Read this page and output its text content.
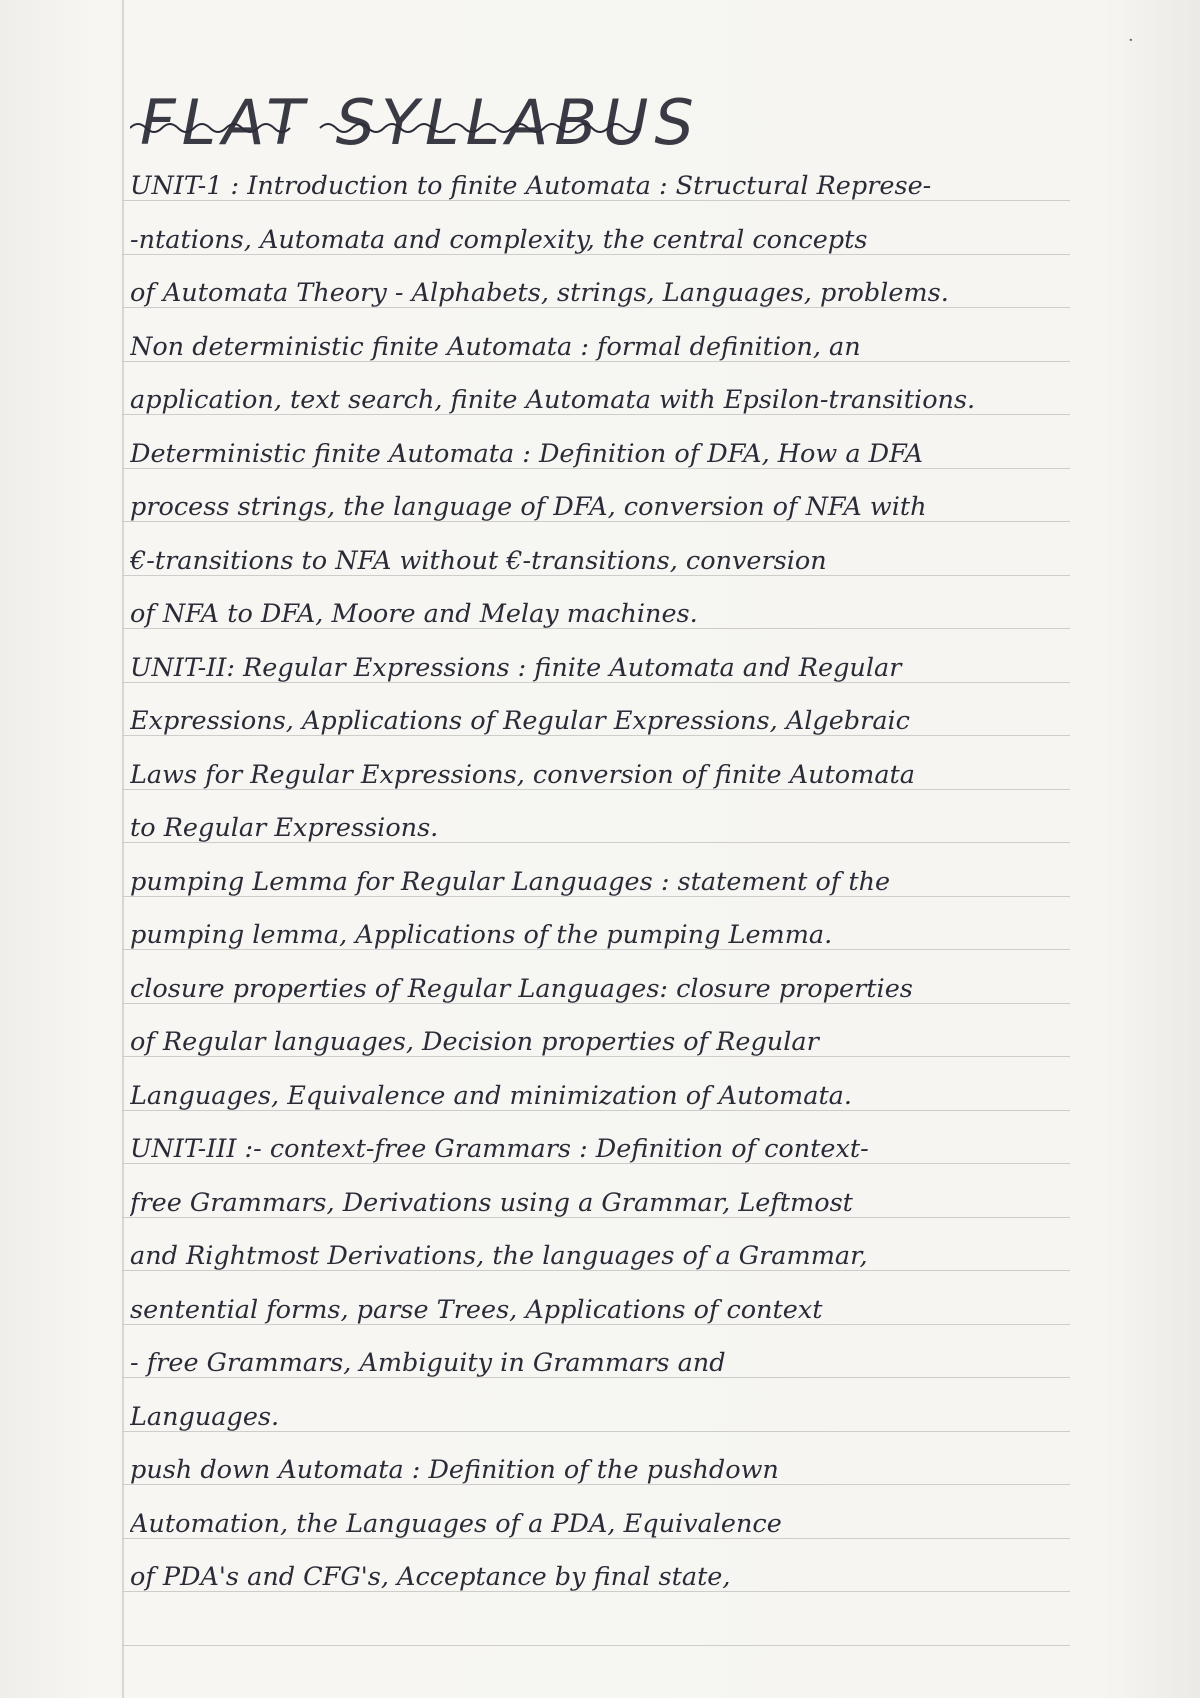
FLAT SYLLABUS
UNIT-1 : Introduction to finite Automata : Structural Represe-
-ntations, Automata and complexity, the central concepts
of Automata Theory - Alphabets, strings, Languages, problems.
Non deterministic finite Automata : formal definition, an
application, text search, finite Automata with Epsilon-transitions.
Deterministic finite Automata : Definition of DFA, How a DFA
process strings, the language of DFA, conversion of NFA with
€-transitions to NFA without €-transitions, conversion
of NFA to DFA, Moore and Melay machines.
UNIT-II: Regular Expressions : finite Automata and Regular
Expressions, Applications of Regular Expressions, Algebraic
Laws for Regular Expressions, conversion of finite Automata
to Regular Expressions.
pumping Lemma for Regular Languages : statement of the
pumping lemma, Applications of the pumping Lemma.
closure properties of Regular Languages: closure properties
of Regular languages, Decision properties of Regular
Languages, Equivalence and minimization of Automata.
UNIT-III :- context-free Grammars : Definition of context-
free Grammars, Derivations using a Grammar, Leftmost
and Rightmost Derivations, the languages of a Grammar,
sentential forms, parse Trees, Applications of context
- free Grammars, Ambiguity in Grammars and
Languages.
push down Automata : Definition of the pushdown
Automation, the Languages of a PDA, Equivalence
of PDA's and CFG's, Acceptance by final state,
·
